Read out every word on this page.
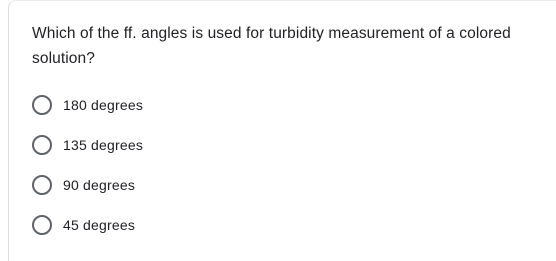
Which of the ff. angles is used for turbidity measurement of a colored solution?
180 degrees
135 degrees
90 degrees
45 degrees
